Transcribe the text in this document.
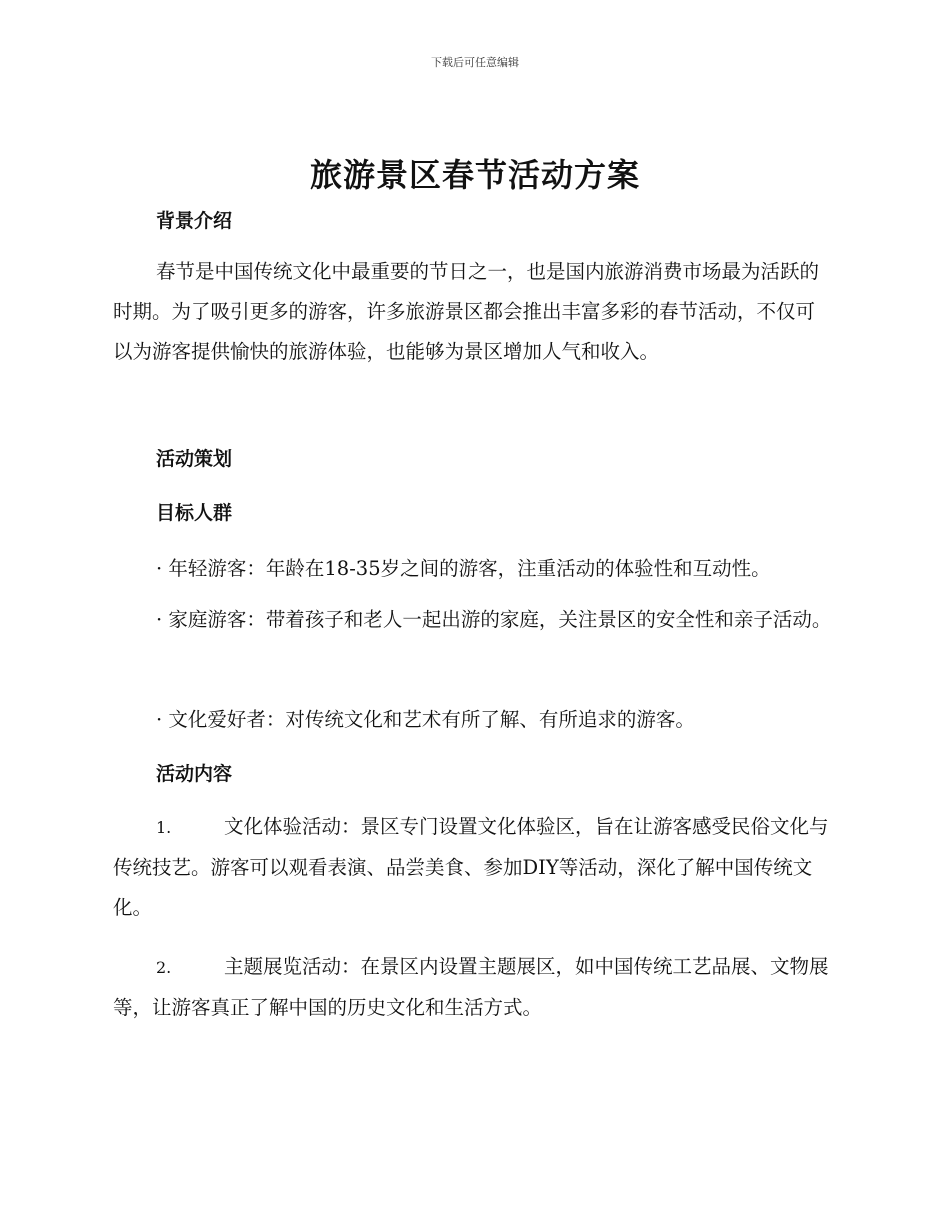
下载后可任意编辑
旅游景区春节活动方案
背景介绍

春节是中国传统文化中最重要的节日之一，也是国内旅游消费市场最为活跃的时期。为了吸引更多的游客，许多旅游景区都会推出丰富多彩的春节活动，不仅可以为游客提供愉快的旅游体验，也能够为景区增加人气和收入。

活动策划
目标人群

· 年轻游客：年龄在18-35岁之间的游客，注重活动的体验性和互动性。

· 家庭游客：带着孩子和老人一起出游的家庭，关注景区的安全性和亲子活动。

· 文化爱好者：对传统文化和艺术有所了解、有所追求的游客。

活动内容

1.	文化体验活动：景区专门设置文化体验区，旨在让游客感受民俗文化与传统技艺。游客可以观看表演、品尝美食、参加DIY等活动，深化了解中国传统文化。

2.	主题展览活动：在景区内设置主题展区，如中国传统工艺品展、文物展等，让游客真正了解中国的历史文化和生活方式。
